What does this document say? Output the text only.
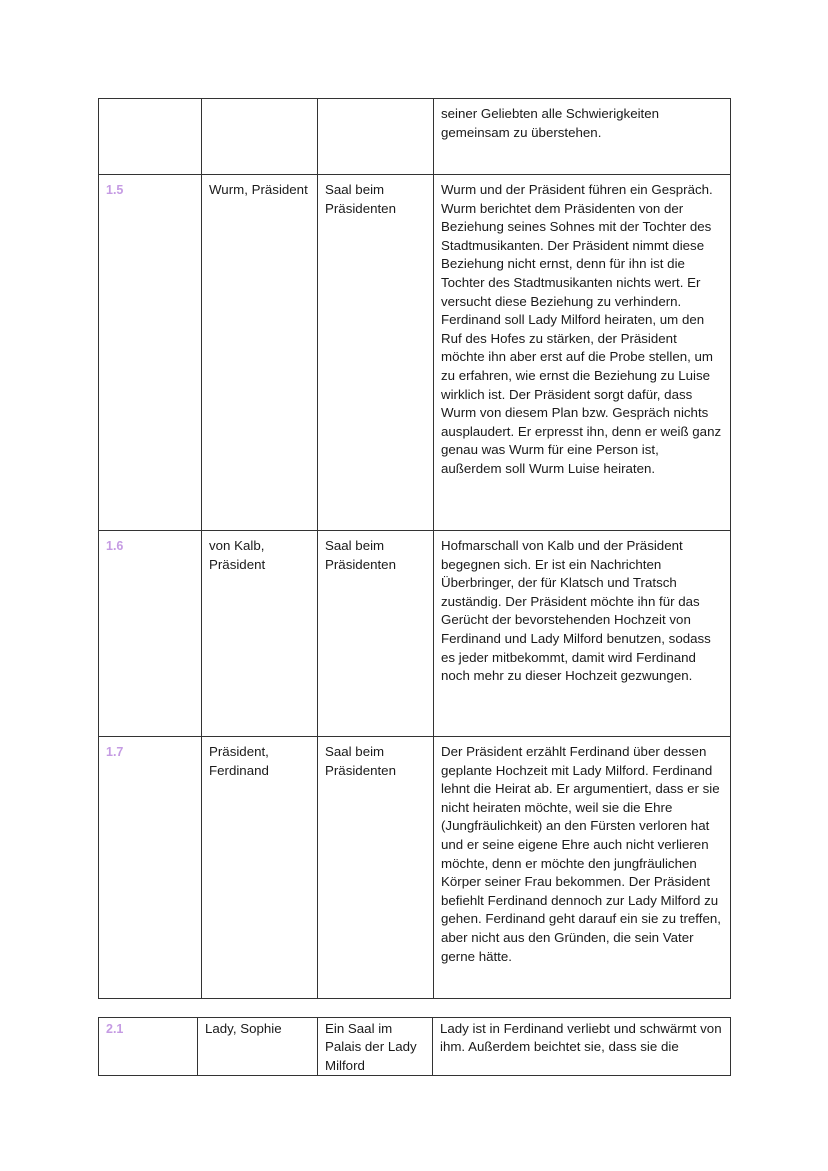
			seiner Geliebten alle Schwierigkeiten gemeinsam zu überstehen.
1.5	Wurm, Präsident	Saal beim Präsidenten	Wurm und der Präsident führen ein Gespräch. Wurm berichtet dem Präsidenten von der Beziehung seines Sohnes mit der Tochter des Stadtmusikanten. Der Präsident nimmt diese Beziehung nicht ernst, denn für ihn ist die Tochter des Stadtmusikanten nichts wert. Er versucht diese Beziehung zu verhindern. Ferdinand soll Lady Milford heiraten, um den Ruf des Hofes zu stärken, der Präsident möchte ihn aber erst auf die Probe stellen, um zu erfahren, wie ernst die Beziehung zu Luise wirklich ist. Der Präsident sorgt dafür, dass Wurm von diesem Plan bzw. Gespräch nichts ausplaudert. Er erpresst ihn, denn er weiß ganz genau was Wurm für eine Person ist, außerdem soll Wurm Luise heiraten.
1.6	von Kalb, Präsident	Saal beim Präsidenten	Hofmarschall von Kalb und der Präsident begegnen sich. Er ist ein Nachrichten Überbringer, der für Klatsch und Tratsch zuständig. Der Präsident möchte ihn für das Gerücht der bevorstehenden Hochzeit von Ferdinand und Lady Milford benutzen, sodass es jeder mitbekommt, damit wird Ferdinand noch mehr zu dieser Hochzeit gezwungen.
1.7	Präsident, Ferdinand	Saal beim Präsidenten	Der Präsident erzählt Ferdinand über dessen geplante Hochzeit mit Lady Milford. Ferdinand lehnt die Heirat ab. Er argumentiert, dass er sie nicht heiraten möchte, weil sie die Ehre (Jungfräulichkeit) an den Fürsten verloren hat und er seine eigene Ehre auch nicht verlieren möchte, denn er möchte den jungfräulichen Körper seiner Frau bekommen. Der Präsident befiehlt Ferdinand dennoch zur Lady Milford zu gehen. Ferdinand geht darauf ein sie zu treffen, aber nicht aus den Gründen, die sein Vater gerne hätte.
2.1	Lady, Sophie	Ein Saal im Palais der Lady Milford	Lady ist in Ferdinand verliebt und schwärmt von ihm. Außerdem beichtet sie, dass sie die
